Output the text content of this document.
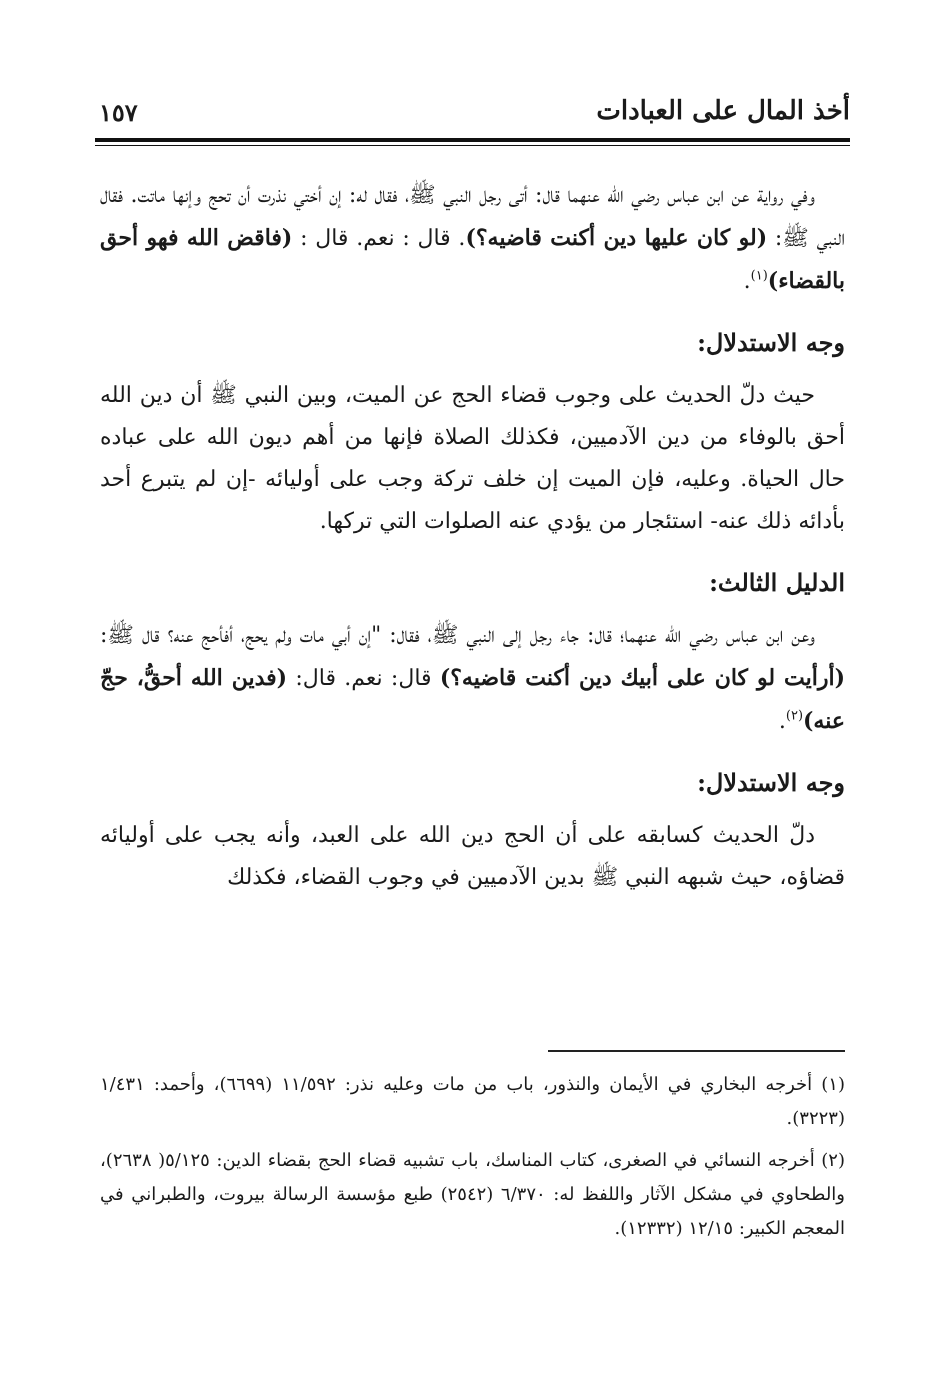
أخذ المال على العبادات
١٥٧

وفي رواية عن ابن عباس رضي الله عنهما قال: أتى رجل النبي ﷺ، فقال له: إن أختي نذرت أن تحج وإنها ماتت. فقال النبي ﷺ: (لو كان عليها دين أكنت قاضيه؟). قال : نعم. قال : (فاقض الله فهو أحق بالقضاء)$^{(١)}$.

وجه الاستدلال:

حيث دلّ الحديث على وجوب قضاء الحج عن الميت، وبين النبي ﷺ أن دين الله أحق بالوفاء من دين الآدميين، فكذلك الصلاة فإنها من أهم ديون الله على عباده حال الحياة. وعليه، فإن الميت إن خلف تركة وجب على أوليائه -إن لم يتبرع أحد بأدائه ذلك عنه- استئجار من يؤدي عنه الصلوات التي تركها.

الدليل الثالث:

وعن ابن عباس رضي الله عنهما؛ قال: جاء رجل إلى النبي ﷺ، فقال: "إن أبي مات ولم يحج، أفأحج عنه؟ قال ﷺ: (أرأيت لو كان على أبيك دين أكنت قاضيه؟) قال: نعم. قال: (فدين الله أحقُّ، حجّ عنه)$^{(٢)}$.

وجه الاستدلال:

دلّ الحديث كسابقه على أن الحج دين الله على العبد، وأنه يجب على أوليائه قضاؤه، حيث شبهه النبي ﷺ بدين الآدميين في وجوب القضاء، فكذلك

(١) أخرجه البخاري في الأيمان والنذور، باب من مات وعليه نذر: ١١/٥٩٢ (٦٦٩٩)، وأحمد: ١/٤٣١ (٣٢٢٣).

(٢) أخرجه النسائي في الصغرى، كتاب المناسك، باب تشبيه قضاء الحج بقضاء الدين: ٥/١٢٥( ٢٦٣٨)، والطحاوي في مشكل الآثار واللفظ له: ٦/٣٧٠ (٢٥٤٢) طبع مؤسسة الرسالة بيروت، والطبراني في المعجم الكبير: ١٢/١٥ (١٢٣٣٢).
